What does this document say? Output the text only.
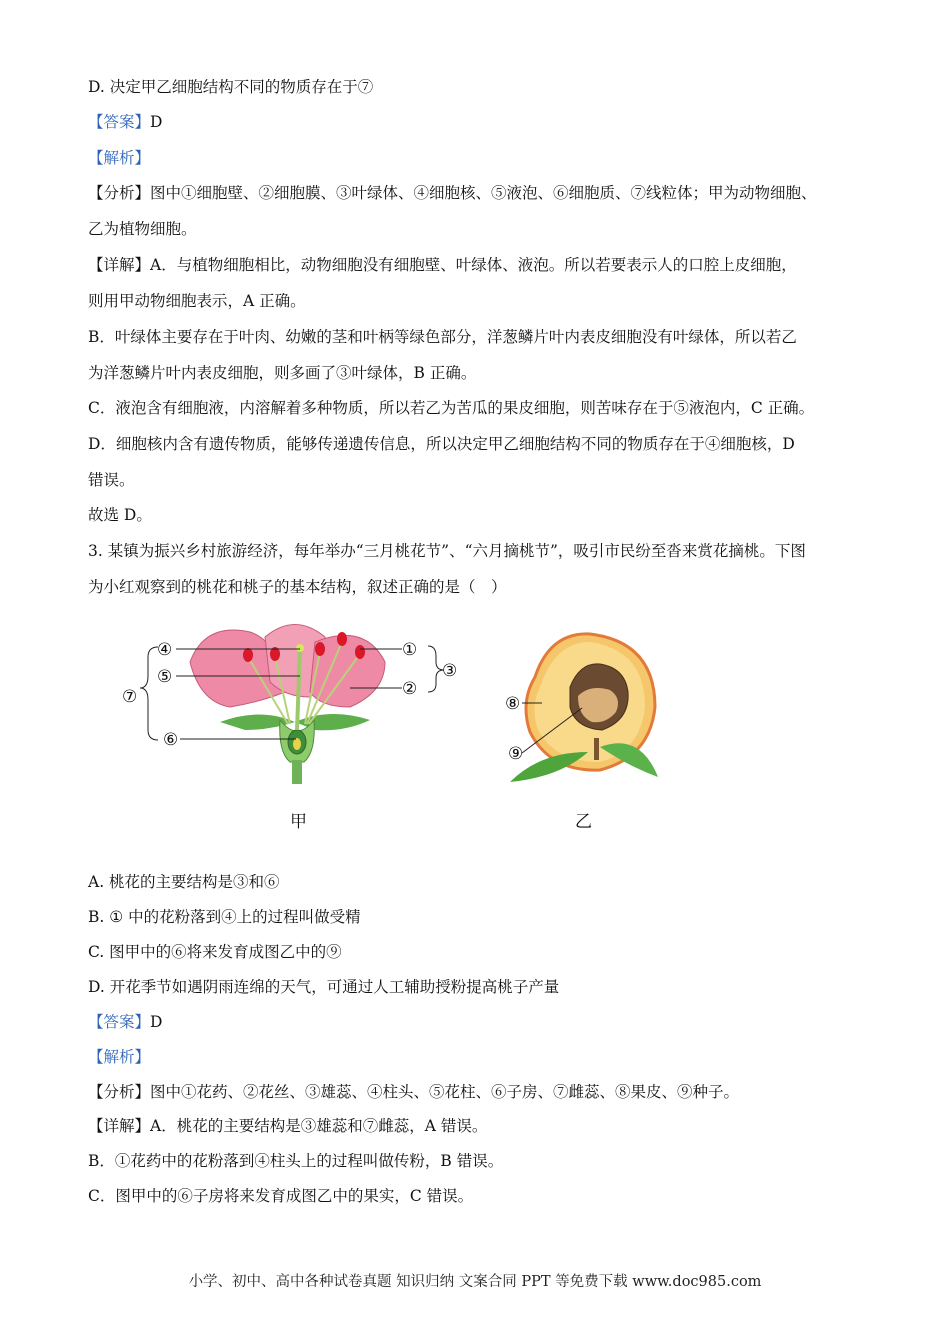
D. 决定甲乙细胞结构不同的物质存在于⑦
【答案】D
【解析】
【分析】图中①细胞壁、②细胞膜、③叶绿体、④细胞核、⑤液泡、⑥细胞质、⑦线粒体；甲为动物细胞、
乙为植物细胞。
【详解】A．与植物细胞相比，动物细胞没有细胞壁、叶绿体、液泡。所以若要表示人的口腔上皮细胞，
则用甲动物细胞表示，A 正确。
B．叶绿体主要存在于叶肉、幼嫩的茎和叶柄等绿色部分，洋葱鳞片叶内表皮细胞没有叶绿体，所以若乙
为洋葱鳞片叶内表皮细胞，则多画了③叶绿体，B 正确。
C．液泡含有细胞液，内溶解着多种物质，所以若乙为苦瓜的果皮细胞，则苦味存在于⑤液泡内，C 正确。
D．细胞核内含有遗传物质，能够传递遗传信息，所以决定甲乙细胞结构不同的物质存在于④细胞核，D
错误。
故选 D。
3. 某镇为振兴乡村旅游经济，每年举办“三月桃花节”、“六月摘桃节”，吸引市民纷至沓来赏花摘桃。下图
为小红观察到的桃花和桃子的基本结构，叙述正确的是（　）
④
⑤
⑦
⑥
①
②
③
甲
⑧
⑨
乙
A. 桃花的主要结构是③和⑥
B. ① 中的花粉落到④上的过程叫做受精
C. 图甲中的⑥将来发育成图乙中的⑨
D. 开花季节如遇阴雨连绵的天气，可通过人工辅助授粉提高桃子产量
【答案】D
【解析】
【分析】图中①花药、②花丝、③雄蕊、④柱头、⑤花柱、⑥子房、⑦雌蕊、⑧果皮、⑨种子。
【详解】A．桃花的主要结构是③雄蕊和⑦雌蕊，A 错误。
B．①花药中的花粉落到④柱头上的过程叫做传粉，B 错误。
C．图甲中的⑥子房将来发育成图乙中的果实，C 错误。
小学、初中、高中各种试卷真题 知识归纳 文案合同 PPT 等免费下载 www.doc985.com
